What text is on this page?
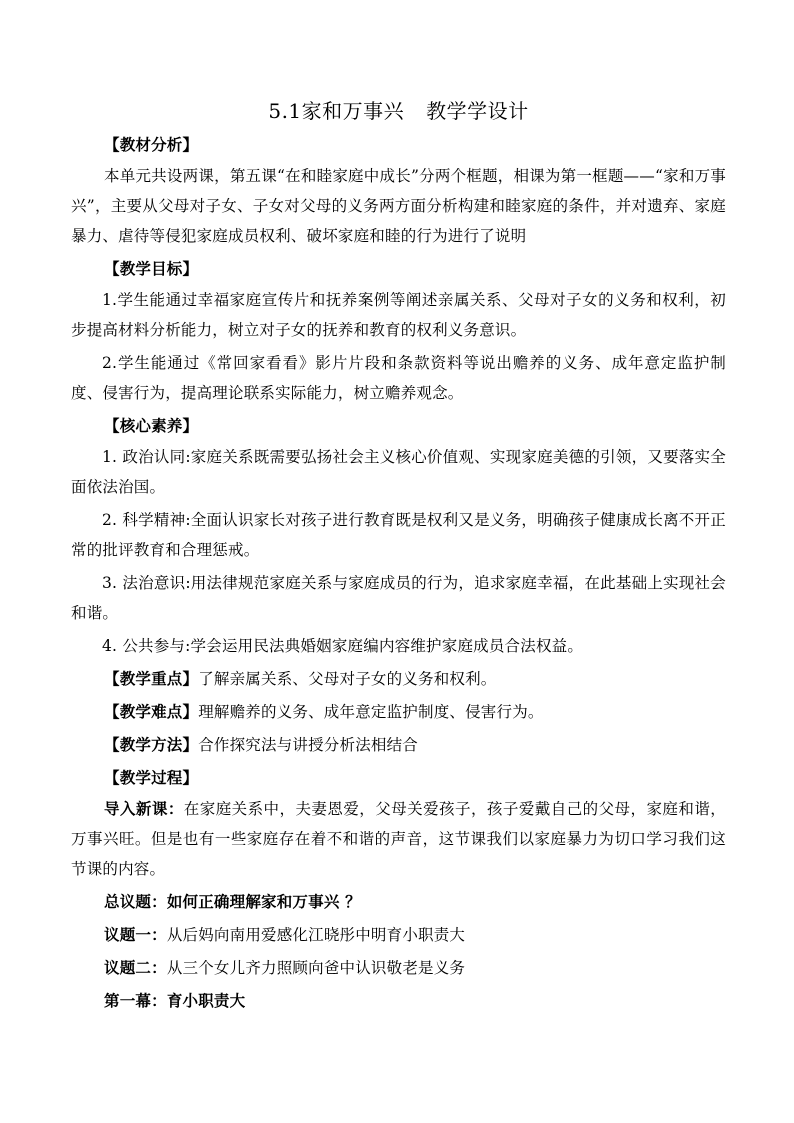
5.1家和万事兴 教学学设计

【教材分析】

本单元共设两课，第五课“在和睦家庭中成长”分两个框题，相课为第一框题——“家和万事兴”，主要从父母对子女、子女对父母的义务两方面分析构建和睦家庭的条件，并对遗弃、家庭暴力、虐待等侵犯家庭成员权利、破坏家庭和睦的行为进行了说明

【教学目标】

1.学生能通过幸福家庭宣传片和抚养案例等阐述亲属关系、父母对子女的义务和权利，初步提高材料分析能力，树立对子女的抚养和教育的权利义务意识。

2.学生能通过《常回家看看》影片片段和条款资料等说出赡养的义务、成年意定监护制度、侵害行为，提高理论联系实际能力，树立赡养观念。

【核心素养】

1. 政治认同:家庭关系既需要弘扬社会主义核心价值观、实现家庭美德的引领，又要落实全面依法治国。

2. 科学精神:全面认识家长对孩子进行教育既是权利又是义务，明确孩子健康成长离不开正常的批评教育和合理惩戒。

3. 法治意识:用法律规范家庭关系与家庭成员的行为，追求家庭幸福，在此基础上实现社会和谐。

4. 公共参与:学会运用民法典婚姻家庭编内容维护家庭成员合法权益。

【教学重点】了解亲属关系、父母对子女的义务和权利。

【教学难点】理解赡养的义务、成年意定监护制度、侵害行为。

【教学方法】合作探究法与讲授分析法相结合

【教学过程】

导入新课：在家庭关系中，夫妻恩爱，父母关爱孩子，孩子爱戴自己的父母，家庭和谐，万事兴旺。但是也有一些家庭存在着不和谐的声音，这节课我们以家庭暴力为切口学习我们这节课的内容。

总议题：如何正确理解家和万事兴 ？

议题一：从后妈向南用爱感化江晓彤中明育小职责大

议题二：从三个女儿齐力照顾向爸中认识敬老是义务

第一幕：育小职责大
